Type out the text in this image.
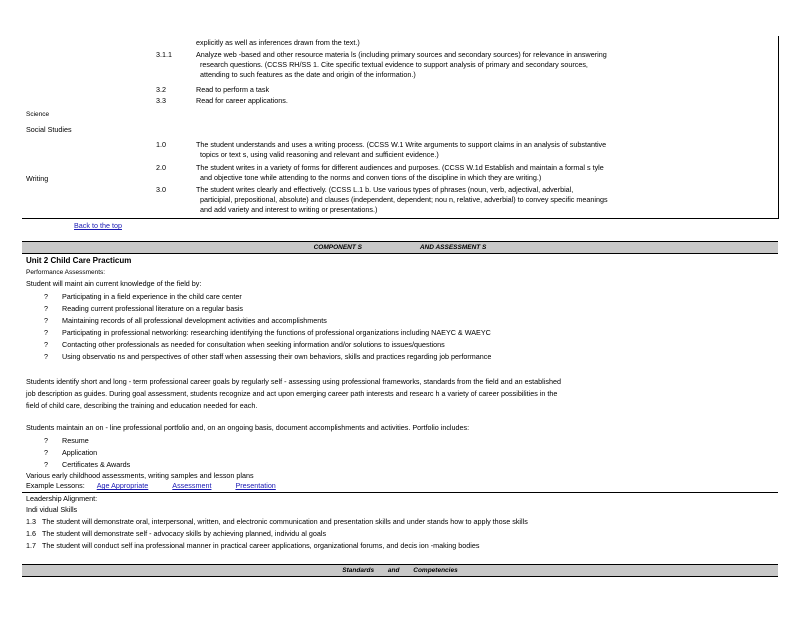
explicitly as well as inferences drawn from the text.)
3.1.1	Analyze web -based and other resource materia ls (including primary sources and secondary sources) for relevance in answering
research questions. (CCSS RH/SS 1. Cite specific textual evidence to support analysis of primary and secondary sources,
attending to such features as the date and origin of the information.)
3.2	Read to perform a task
3.3	Read for career applications.
Science
Social Studies
1.0	The student understands and uses a writing process. (CCSS W.1 Write arguments to support claims in an analysis of substantive
topics or text s, using valid reasoning and relevant and sufficient evidence.)
2.0	The student writes in a variety of forms for different audiences and purposes. (CCSS W.1d Establish and maintain a formal s tyle
and objective tone while attending to the norms and conven tions of the discipline in which they are writing.)
Writing
3.0	The student writes clearly and effectively. (CCSS L.1 b. Use various types of phrases (noun, verb, adjectival, adverbial,
participial, prepositional, absolute) and clauses (independent, dependent; nou n, relative, adverbial) to convey specific meanings
and add variety and interest to writing or presentations.)
Back to the top
COMPONENT S	AND ASSESSMENT S
Unit 2 Child Care Practicum
Performance Assessments:
Student will maint ain current knowledge of the field by:
? Participating in a field experience in the child care center
? Reading current professional literature on a regular basis
? Maintaining records of all professional development activities and accomplishments
? Participating in professional networking: researching identifying the functions of professional organizations including NAEYC & WAEYC
? Contacting other professionals as needed for consultation when seeking information and/or solutions to issues/questions
? Using observatio ns and perspectives of other staff when assessing their own behaviors, skills and practices regarding job performance
Students identify short and long - term professional career goals by regularly self - assessing using professional frameworks, standards from the field and an established
job description as guides. During goal assessment, students recognize and act upon emerging career path interests and researc h a variety of career possibilities in the
field of child care, describing the training and education needed for each.
Students maintain an on - line professional portfolio and, on an ongoing basis, document accomplishments and activities. Portfolio includes:
? Resume
? Application
? Certificates & Awards
Various early childhood assessments, writing samples and lesson plans
Example Lessons: Age Appropriate	Assessment	Presentation
Leadership Alignment:
Indi vidual Skills
1.3 The student will demonstrate oral, interpersonal, written, and electronic communication and presentation skills and under stands how to apply those skills
1.6 The student will demonstrate self - advocacy skills by achieving planned, individu al goals
1.7 The student will conduct self ina professional manner in practical career applications, organizational forums, and decis ion -making bodies
Standards and Competencies
